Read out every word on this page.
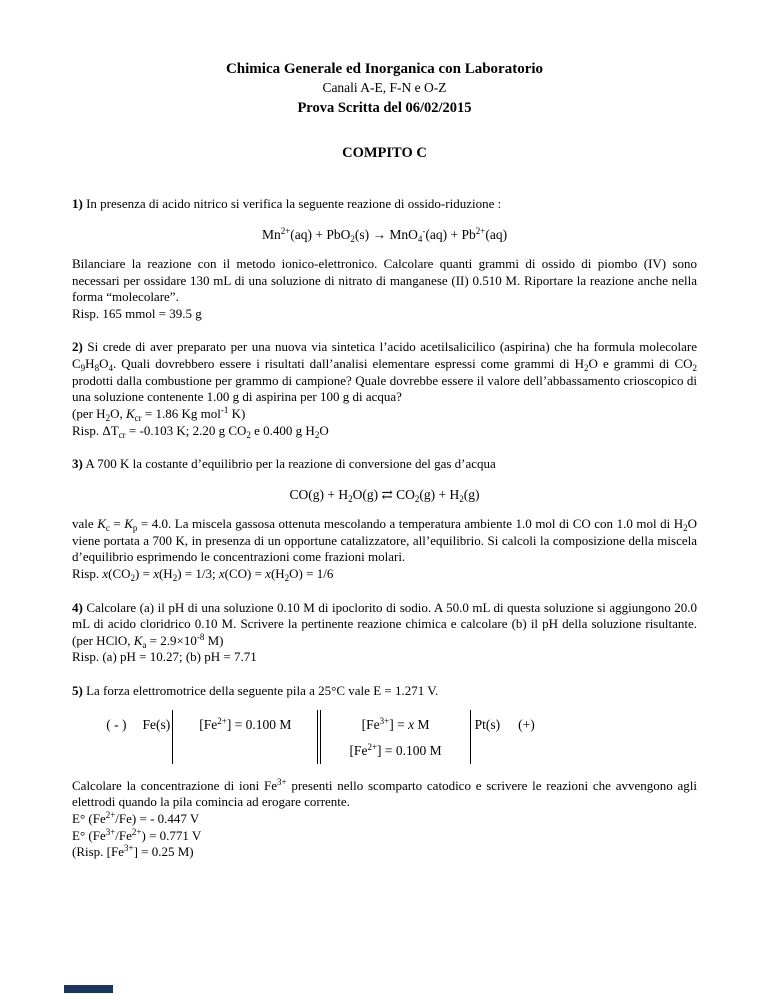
Chimica Generale ed Inorganica con Laboratorio
Canali A-E, F-N e O-Z
Prova Scritta del 06/02/2015
COMPITO C

1) In presenza di acido nitrico si verifica la seguente reazione di ossido-riduzione :

$Mn^{2+}(aq) + PbO_2(s) \to MnO_4^-(aq) + Pb^{2+}(aq)$

Bilanciare la reazione con il metodo ionico-elettronico. Calcolare quanti grammi di ossido di piombo (IV) sono necessari per ossidare 130 mL di una soluzione di nitrato di manganese (II) 0.510 M. Riportare la reazione anche nella forma “molecolare”.

Risp. 165 mmol = 39.5 g

2) Si crede di aver preparato per una nuova via sintetica l’acido acetilsalicilico (aspirina) che ha formula molecolare $C_9H_8O_4$. Quali dovrebbero essere i risultati dall’analisi elementare espressi come grammi di $H_2O$ e grammi di $CO_2$ prodotti dalla combustione per grammo di campione? Quale dovrebbe essere il valore dell’abbassamento crioscopico di una soluzione contenente 1.00 g di aspirina per 100 g di acqua?

(per $H_2O$, $K_{cr} = 1.86$ Kg mol$^{-1}$ K)

Risp. $\Delta T_{cr} = -0.103$ K; 2.20 g $CO_2$ e 0.400 g $H_2O$

3) A 700 K la costante d’equilibrio per la reazione di conversione del gas d’acqua

$CO(g) + H_2O(g)$ ⇄ $CO_2(g) + H_2(g)$

vale $K_c = K_p = 4.0$. La miscela gassosa ottenuta mescolando a temperatura ambiente 1.0 mol di CO con 1.0 mol di $H_2O$ viene portata a 700 K, in presenza di un opportune catalizzatore, all’equilibrio. Si calcoli la composizione della miscela d’equilibrio esprimendo le concentrazioni come frazioni molari.

Risp. $x(CO_2) = x(H_2) = 1/3$; $x(CO) = x(H_2O) = 1/6$

4) Calcolare (a) il pH di una soluzione 0.10 M di ipoclorito di sodio. A 50.0 mL di questa soluzione si aggiungono 20.0 mL di acido cloridrico 0.10 M. Scrivere la pertinente reazione chimica e calcolare (b) il pH della soluzione risultante. (per HClO, $K_a = 2.9\times 10^{-8}$ M)

Risp. (a) pH = 10.27; (b) pH = 7.71

5) La forza elettromotrice della seguente pila a 25°C vale E = 1.271 V.

( - ) Fe(s)	$[Fe^{2+}] = 0.100$ M	$[Fe^{3+}] = x$ M
$[Fe^{2+}] = 0.100$ M
Pt(s) (+)

Calcolare la concentrazione di ioni $Fe^{3+}$ presenti nello scomparto catodico e scrivere le reazioni che avvengono agli elettrodi quando la pila comincia ad erogare corrente.

E° $(Fe^{2+}/Fe)$ = - 0.447 V

E° $(Fe^{3+}/Fe^{2+}) = 0.771$ V

(Risp. $[Fe^{3+}] = 0.25$ M)
